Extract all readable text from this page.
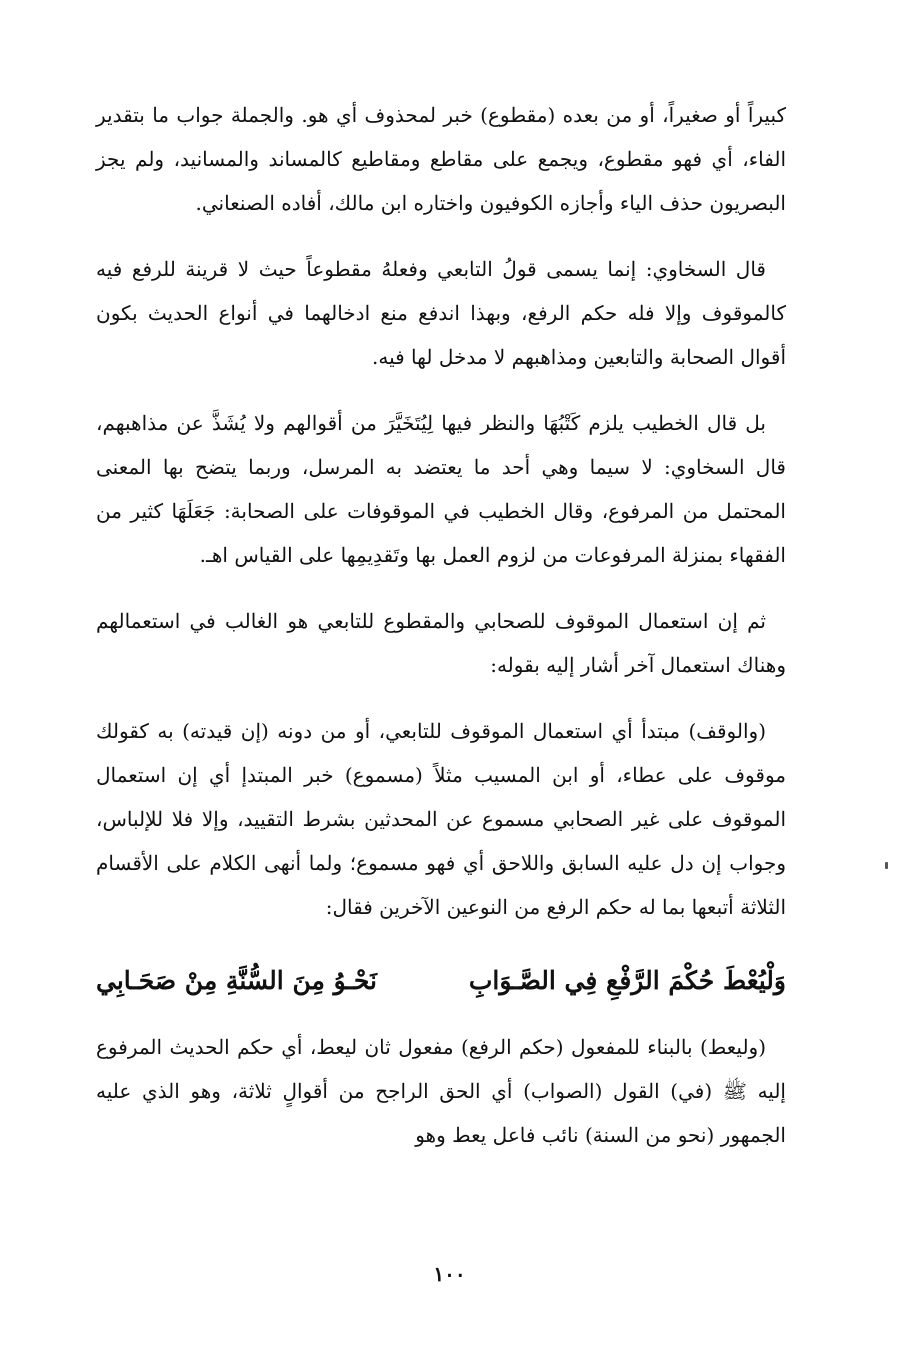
كبيراً أو صغيراً، أو من بعده (مقطوع) خبر لمحذوف أي هو. والجملة جواب ما بتقدير الفاء، أي فهو مقطوع، ويجمع على مقاطع ومقاطيع كالمساند والمسانيد، ولم يجز البصريون حذف الياء وأجازه الكوفيون واختاره ابن مالك، أفاده الصنعاني.

قال السخاوي: إنما يسمى قولُ التابعي وفعلهُ مقطوعاً حيث لا قرينة للرفع فيه كالموقوف وإلا فله حكم الرفع، وبهذا اندفع منع ادخالهما في أنواع الحديث بكون أقوال الصحابة والتابعين ومذاهبهم لا مدخل لها فيه.

بل قال الخطيب يلزم كَتْبُهَا والنظر فيها لِيُتَخَيَّرَ من أقوالهم ولا يُشَذَّ عن مذاهبهم، قال السخاوي: لا سيما وهي أحد ما يعتضد به المرسل، وربما يتضح بها المعنى المحتمل من المرفوع، وقال الخطيب في الموقوفات على الصحابة: جَعَلَهَا كثير من الفقهاء بمنزلة المرفوعات من لزوم العمل بها وتَقدِيمِها على القياس اهـ.

ثم إن استعمال الموقوف للصحابي والمقطوع للتابعي هو الغالب في استعمالهم وهناك استعمال آخر أشار إليه بقوله:

(والوقف) مبتدأ أي استعمال الموقوف للتابعي، أو من دونه (إن قيدته) به كقولك موقوف على عطاء، أو ابن المسيب مثلاً (مسموع) خبر المبتدإ أي إن استعمال الموقوف على غير الصحابي مسموع عن المحدثين بشرط التقييد، وإلا فلا للإلباس، وجواب إن دل عليه السابق واللاحق أي فهو مسموع؛ ولما أنهى الكلام على الأقسام الثلاثة أتبعها بما له حكم الرفع من النوعين الآخرين فقال:

وَلْيُعْطَ حُكْمَ الرَّفْعِ فِي الصَّـوَابِ
نَحْـوُ مِنَ السُّنَّةِ مِنْ صَحَـابِي

(وليعط) بالبناء للمفعول (حكم الرفع) مفعول ثان ليعط، أي حكم الحديث المرفوع إليه ﷺ (في) القول (الصواب) أي الحق الراجح من أقوالٍ ثلاثة، وهو الذي عليه الجمهور (نحو من السنة) نائب فاعل يعط وهو

١٠٠
